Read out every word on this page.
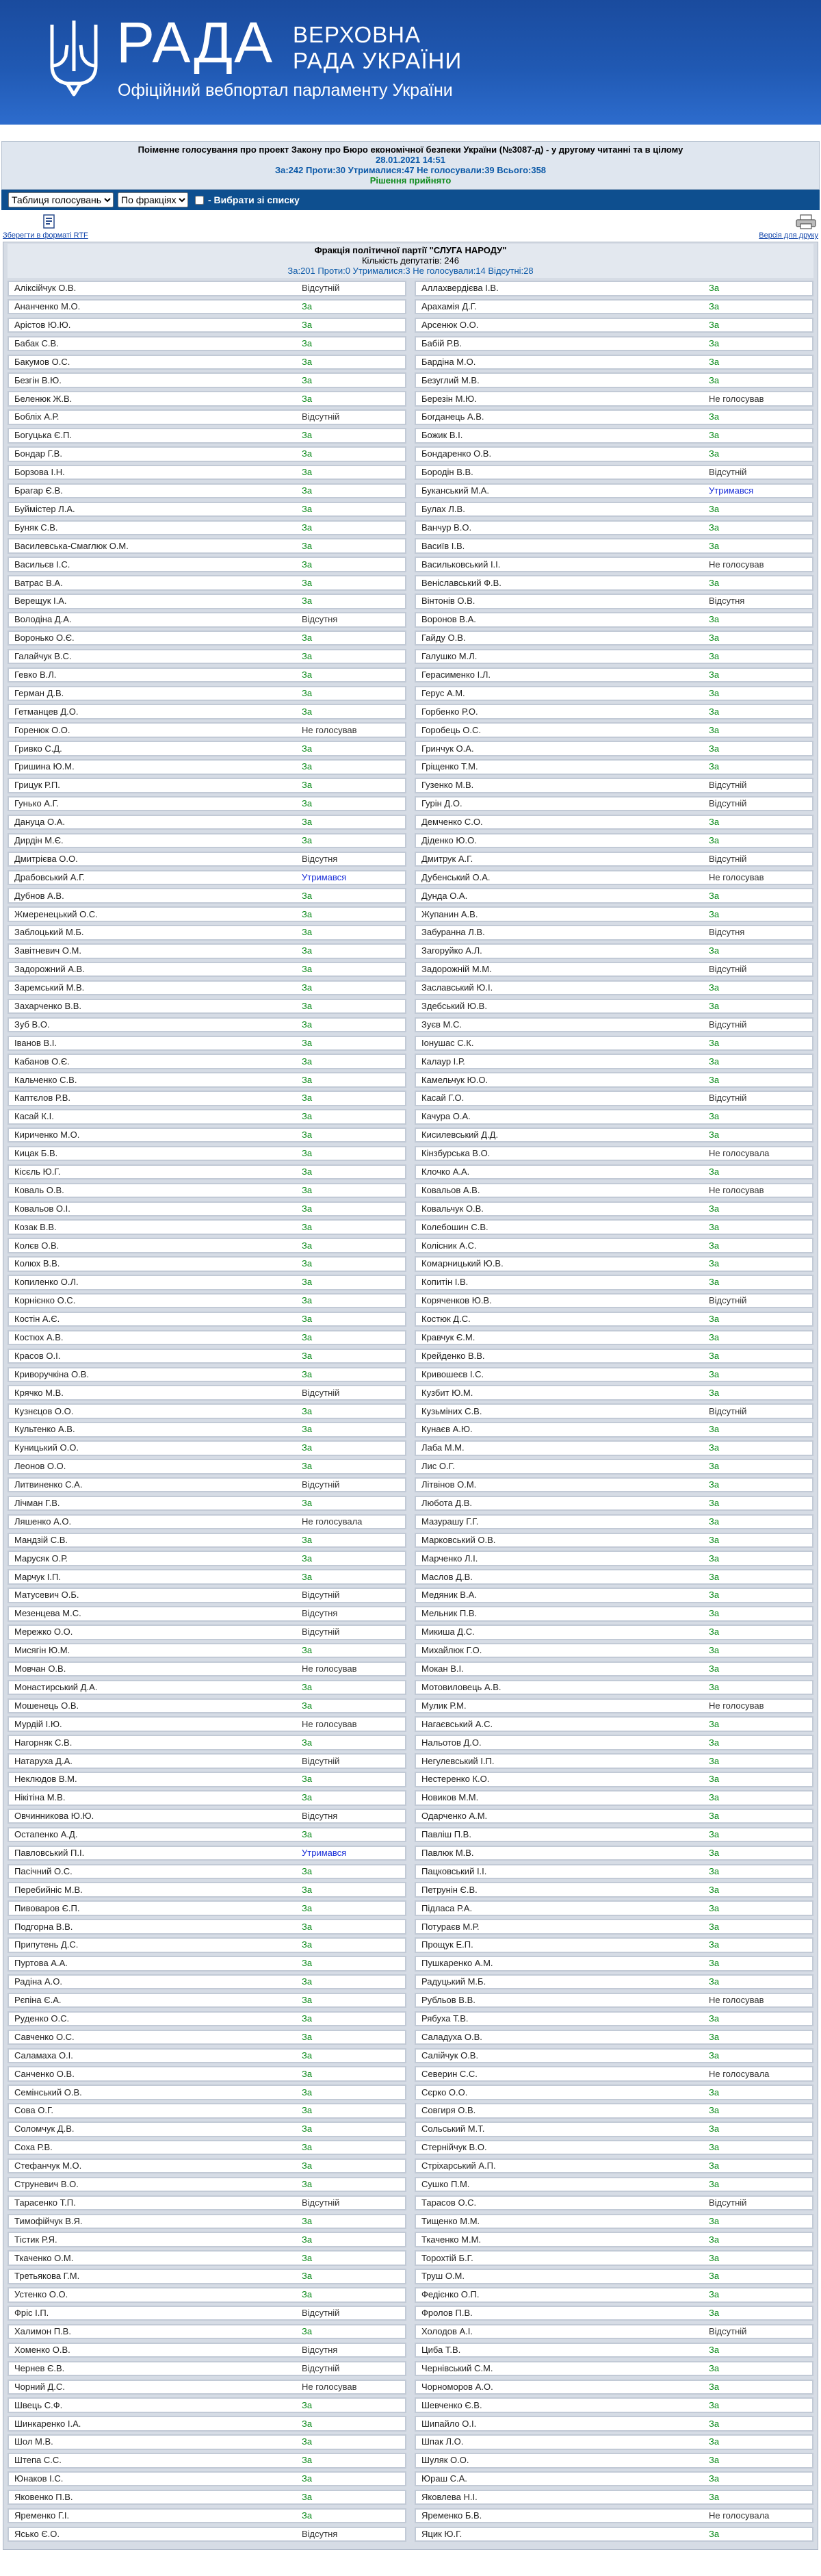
РАДА ВЕРХОВНА
РАДА УКРАЇНИ
Офіційний вебпортал парламенту України
Поіменне голосування про проект Закону про Бюро економічної безпеки України (№3087-д) - у другому читанні та в цілому
28.01.2021 14:51
За:242 Проти:30 Утрималися:47 Не голосували:39 Всього:358
Рішення прийнято
Таблиця голосувань
По фракціях
- Вибрати зі списку
Зберегти в форматі RTF	Версія для друку
Фракція політичної партії "СЛУГА НАРОДУ"
Кількість депутатів: 246
За:201 Проти:0 Утрималися:3 Не голосували:14 Відсутні:28
Аліксійчук О.В.	Відсутній	Аллахвердієва І.В.	За
Ананченко М.О.	За	Арахамія Д.Г.	За
Арістов Ю.Ю.	За	Арсенюк О.О.	За
Бабак С.В.	За	Бабій Р.В.	За
Бакумов О.С.	За	Бардіна М.О.	За
Безгін В.Ю.	За	Безуглий М.В.	За
Беленюк Ж.В.	За	Березін М.Ю.	Не голосував
Бобліх А.Р.	Відсутній	Богданець А.В.	За
Богуцька Є.П.	За	Божик В.І.	За
Бондар Г.В.	За	Бондаренко О.В.	За
Борзова І.Н.	За	Бородін В.В.	Відсутній
Брагар Є.В.	За	Буканський М.А.	Утримався
Буймістер Л.А.	За	Булах Л.В.	За
Буняк С.В.	За	Ванчур В.О.	За
Василевська-Смаглюк О.М.	За	Васиїв І.В.	За
Васильєв І.С.	За	Васильковський І.І.	Не голосував
Ватрас В.А.	За	Веніславський Ф.В.	За
Верещук І.А.	За	Вінтонів О.В.	Відсутня
Володіна Д.А.	Відсутня	Воронов В.А.	За
Воронько О.Є.	За	Гайду О.В.	За
Галайчук В.С.	За	Галушко М.Л.	За
Гевко В.Л.	За	Герасименко І.Л.	За
Герман Д.В.	За	Герус А.М.	За
Гетманцев Д.О.	За	Горбенко Р.О.	За
Горенюк О.О.	Не голосував	Горобець О.С.	За
Гривко С.Д.	За	Гринчук О.А.	За
Гришина Ю.М.	За	Гріщенко Т.М.	За
Грицук Р.П.	За	Гузенко М.В.	Відсутній
Гунько А.Г.	За	Гурін Д.О.	Відсутній
Дануца О.А.	За	Демченко С.О.	За
Дирдін М.Є.	За	Діденко Ю.О.	За
Дмитрієва О.О.	Відсутня	Дмитрук А.Г.	Відсутній
Драбовський А.Г.	Утримався	Дубенський О.А.	Не голосував
Дубнов А.В.	За	Дунда О.А.	За
Жмеренецький О.С.	За	Жупанин А.В.	За
Заблоцький М.Б.	За	Забуранна Л.В.	Відсутня
Завітневич О.М.	За	Загоруйко А.Л.	За
Задорожний А.В.	За	Задорожній М.М.	Відсутній
Заремський М.В.	За	Заславський Ю.І.	За
Захарченко В.В.	За	Здебський Ю.В.	За
Зуб В.О.	За	Зуєв М.С.	Відсутній
Іванов В.І.	За	Іонушас С.К.	За
Кабанов О.Є.	За	Калаур І.Р.	За
Кальченко С.В.	За	Камельчук Ю.О.	За
Каптєлов Р.В.	За	Касай Г.О.	Відсутній
Касай К.І.	За	Качура О.А.	За
Кириченко М.О.	За	Кисилевський Д.Д.	За
Кицак Б.В.	За	Кінзбурська В.О.	Не голосувала
Кісєль Ю.Г.	За	Клочко А.А.	За
Коваль О.В.	За	Ковальов А.В.	Не голосував
Ковальов О.І.	За	Ковальчук О.В.	За
Козак В.В.	За	Колебошин С.В.	За
Колєв О.В.	За	Колісник А.С.	За
Колюх В.В.	За	Комарницький Ю.В.	За
Копиленко О.Л.	За	Копитін І.В.	За
Корнієнко О.С.	За	Коряченков Ю.В.	Відсутній
Костін А.Є.	За	Костюк Д.С.	За
Костюх А.В.	За	Кравчук Є.М.	За
Красов О.І.	За	Крейденко В.В.	За
Криворучкіна О.В.	За	Кривошеєв І.С.	За
Крячко М.В.	Відсутній	Кузбит Ю.М.	За
Кузнєцов О.О.	За	Кузьміних С.В.	Відсутній
Культенко А.В.	За	Кунаєв А.Ю.	За
Куницький О.О.	За	Лаба М.М.	За
Леонов О.О.	За	Лис О.Г.	За
Литвиненко С.А.	Відсутній	Літвінов О.М.	За
Лічман Г.В.	За	Любота Д.В.	За
Ляшенко А.О.	Не голосувала	Мазурашу Г.Г.	За
Мандзій С.В.	За	Марковський О.В.	За
Марусяк О.Р.	За	Марченко Л.І.	За
Марчук І.П.	За	Маслов Д.В.	За
Матусевич О.Б.	Відсутній	Медяник В.А.	За
Мезенцева М.С.	Відсутня	Мельник П.В.	За
Мережко О.О.	Відсутній	Микиша Д.С.	За
Мисягін Ю.М.	За	Михайлюк Г.О.	За
Мовчан О.В.	Не голосував	Мокан В.І.	За
Монастирський Д.А.	За	Мотовиловець А.В.	За
Мошенець О.В.	За	Мулик Р.М.	Не голосував
Мурдій І.Ю.	Не голосував	Нагаєвський А.С.	За
Нагорняк С.В.	За	Нальотов Д.О.	За
Натаруха Д.А.	Відсутній	Негулевський І.П.	За
Неклюдов В.М.	За	Нестеренко К.О.	За
Нікітіна М.В.	За	Новиков М.М.	За
Овчинникова Ю.Ю.	Відсутня	Одарченко А.М.	За
Остапенко А.Д.	За	Павліш П.В.	За
Павловський П.І.	Утримався	Павлюк М.В.	За
Пасічний О.С.	За	Пацковський І.І.	За
Перебийніс М.В.	За	Петрунін Є.В.	За
Пивоваров Є.П.	За	Підласа Р.А.	За
Подгорна В.В.	За	Потураєв М.Р.	За
Припутень Д.С.	За	Прощук Е.П.	За
Пуртова А.А.	За	Пушкаренко А.М.	За
Радіна А.О.	За	Радуцький М.Б.	За
Рєпіна Є.А.	За	Рубльов В.В.	Не голосував
Руденко О.С.	За	Рябуха Т.В.	За
Савченко О.С.	За	Саладуха О.В.	За
Саламаха О.І.	За	Салійчук О.В.	За
Санченко О.В.	За	Северин С.С.	Не голосувала
Семінський О.В.	За	Сєрко О.О.	За
Сова О.Г.	За	Совгиря О.В.	За
Соломчук Д.В.	За	Сольський М.Т.	За
Соха Р.В.	За	Стернійчук В.О.	За
Стефанчук М.О.	За	Стріхарський А.П.	За
Струневич В.О.	За	Сушко П.М.	За
Тарасенко Т.П.	Відсутній	Тарасов О.С.	Відсутній
Тимофійчук В.Я.	За	Тищенко М.М.	За
Тістик Р.Я.	За	Ткаченко М.М.	За
Ткаченко О.М.	За	Торохтій Б.Г.	За
Третьякова Г.М.	За	Труш О.М.	За
Устенко О.О.	За	Федієнко О.П.	За
Фріс І.П.	Відсутній	Фролов П.В.	За
Халимон П.В.	За	Холодов А.І.	Відсутній
Хоменко О.В.	Відсутня	Циба Т.В.	За
Чернев Є.В.	Відсутній	Чернівський С.М.	За
Чорний Д.С.	Не голосував	Чорноморов А.О.	За
Швець С.Ф.	За	Шевченко Є.В.	За
Шинкаренко І.А.	За	Шипайло О.І.	За
Шол М.В.	За	Шпак Л.О.	За
Штепа С.С.	За	Шуляк О.О.	За
Юнаков І.С.	За	Юраш С.А.	За
Яковенко П.В.	За	Яковлева Н.І.	За
Яременко Г.І.	За	Яременко Б.В.	Не голосувала
Ясько Є.О.	Відсутня	Яцик Ю.Г.	За
